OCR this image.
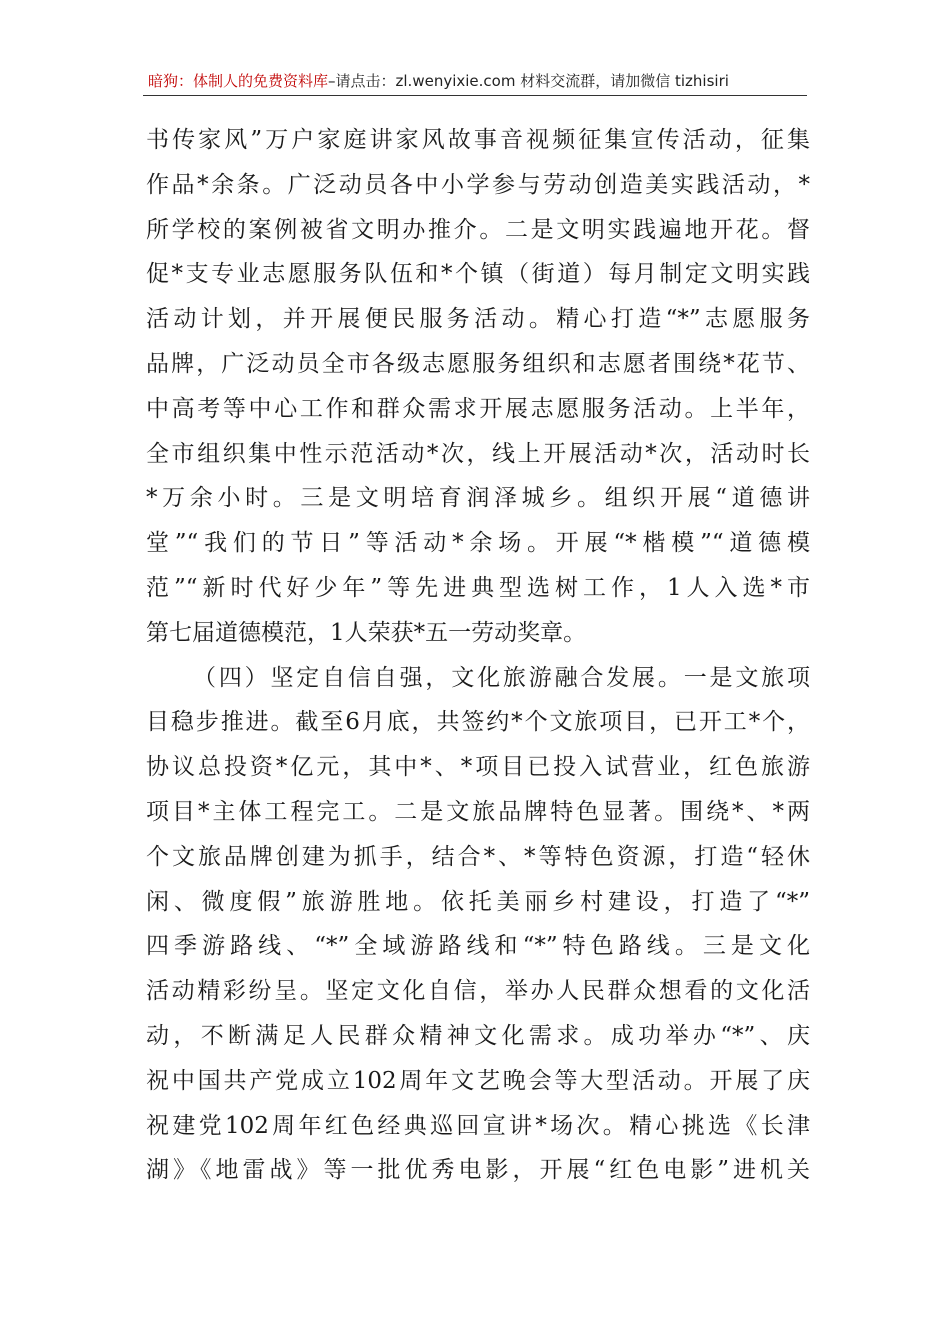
暗狗：体制人的免费资料库–请点击：zl.wenyixie.com 材料交流群，请加微信 tizhisiri
书传家风”万户家庭讲家风故事音视频征集宣传活动，征集
作品*余条。广泛动员各中小学参与劳动创造美实践活动，*
所学校的案例被省文明办推介。二是文明实践遍地开花。督
促*支专业志愿服务队伍和*个镇（街道）每月制定文明实践
活动计划，并开展便民服务活动。精心打造“*”志愿服务
品牌，广泛动员全市各级志愿服务组织和志愿者围绕*花节、
中高考等中心工作和群众需求开展志愿服务活动。上半年，
全市组织集中性示范活动*次，线上开展活动*次，活动时长
*万余小时。三是文明培育润泽城乡。组织开展“道德讲
堂”“我们的节日”等活动*余场。开展“*楷模”“道德模
范”“新时代好少年”等先进典型选树工作，1人入选*市
第七届道德模范，1人荣获*五一劳动奖章。
（四）坚定自信自强，文化旅游融合发展。一是文旅项
目稳步推进。截至6月底，共签约*个文旅项目，已开工*个，
协议总投资*亿元，其中*、*项目已投入试营业，红色旅游
项目*主体工程完工。二是文旅品牌特色显著。围绕*、*两
个文旅品牌创建为抓手，结合*、*等特色资源，打造“轻休
闲、微度假”旅游胜地。依托美丽乡村建设，打造了“*”
四季游路线、“*”全域游路线和“*”特色路线。三是文化
活动精彩纷呈。坚定文化自信，举办人民群众想看的文化活
动，不断满足人民群众精神文化需求。成功举办“*”、庆
祝中国共产党成立102周年文艺晚会等大型活动。开展了庆
祝建党102周年红色经典巡回宣讲*场次。精心挑选《长津
湖》《地雷战》等一批优秀电影，开展“红色电影”进机关
